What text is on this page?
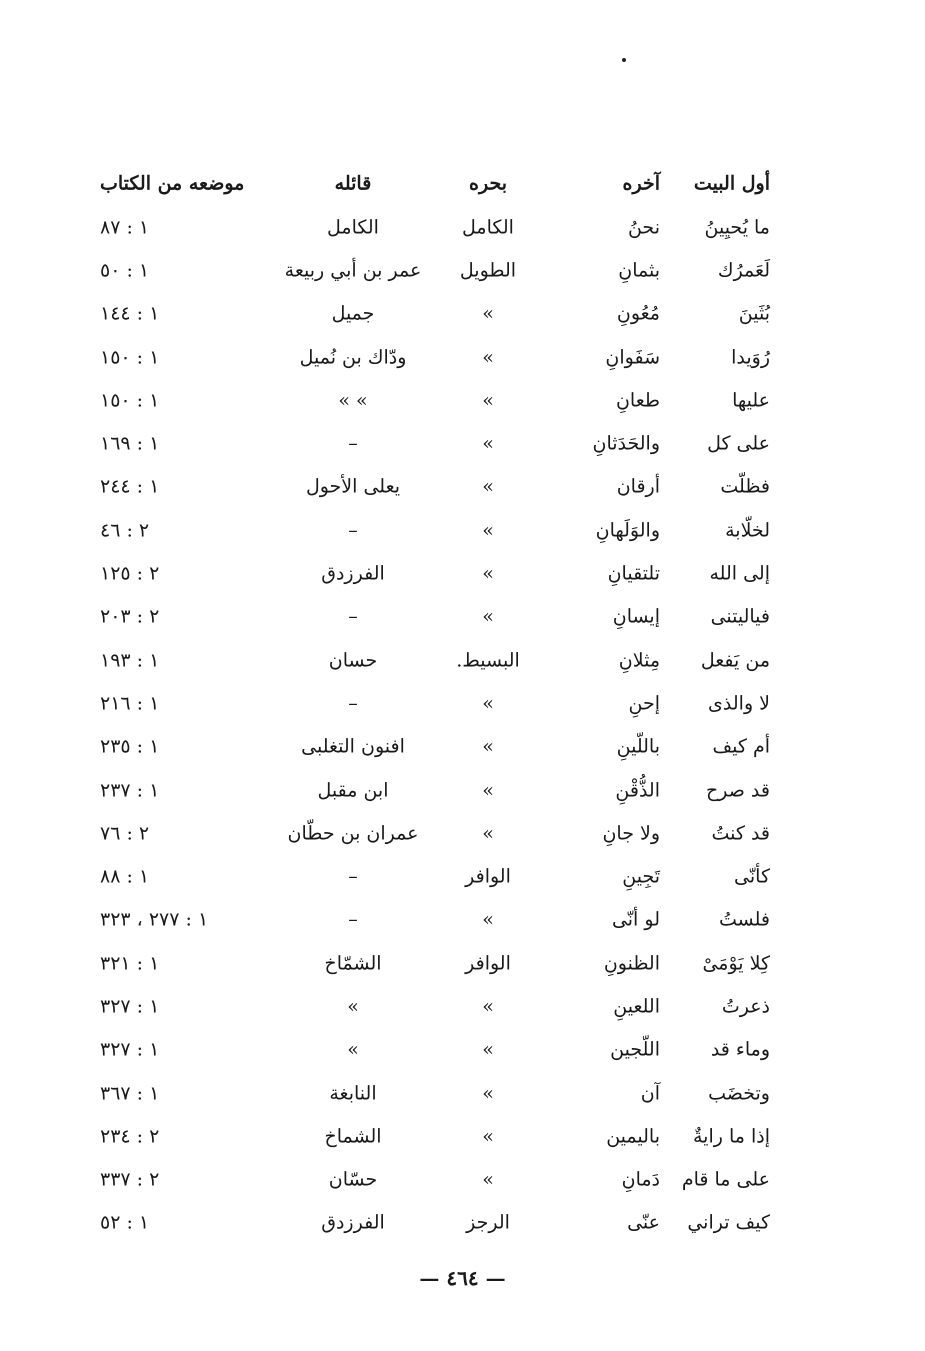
أول البيت
آخره
بحره
قائله
موضعه من الكتاب
ما يُحيِينُ
نحنُ
الكامل
الكامل
١ : ٨٧
لَعَمرُك
بثمانِ
الطويل
عمر بن أبي ربيعة
١ : ٥٠
بُثَينَ
مُعُونِ
»
جميل
١ : ١٤٤
رُوَيدا
سَفَوانِ
»
ودّاك بن نُميل
١ : ١٥٠
عليها
طعانِ
»
» »
١ : ١٥٠
على كل
والحَدَثانِ
»
–
١ : ١٦٩
فظلّت
أرقان
»
يعلى الأحول
١ : ٢٤٤
لخلّابة
والوَلَهانِ
»
–
٢ : ٤٦
إلى الله
تلتقيانِ
»
الفرزدق
٢ : ١٢٥
فياليتنى
إيسانِ
»
–
٢ : ٢٠٣
من يَفعل
مِثلانِ
البسيط.
حسان
١ : ١٩٣
لا والذى
إحنِ
»
–
١ : ٢١٦
أم كيف
باللّينِ
»
افنون التغلبى
١ : ٢٣٥
قد صرح
الذُّقْنِ
»
ابن مقبل
١ : ٢٣٧
قد كنتُ
ولا جانِ
»
عمران بن حطّان
٢ : ٧٦
كأنّى
تَجِينِ
الوافر
–
١ : ٨٨
فلستُ
لو أنّى
»
–
١ : ٢٧٧ ، ٣٢٣
كِلا يَوْمَىْ
الظنونِ
الوافر
الشمّاخ
١ : ٣٢١
ذعرتُ
اللعينِ
»
»
١ : ٣٢٧
وماء قد
اللّجين
»
»
١ : ٣٢٧
وتخضَب
آن
»
النابغة
١ : ٣٦٧
إذا ما رايةٌ
باليمين
»
الشماخ
٢ : ٢٣٤
على ما قام
دَمانِ
»
حسّان
٢ : ٣٣٧
كيف تراني
عنّى
الرجز
الفرزدق
١ : ٥٢
— ٤٦٤ —
